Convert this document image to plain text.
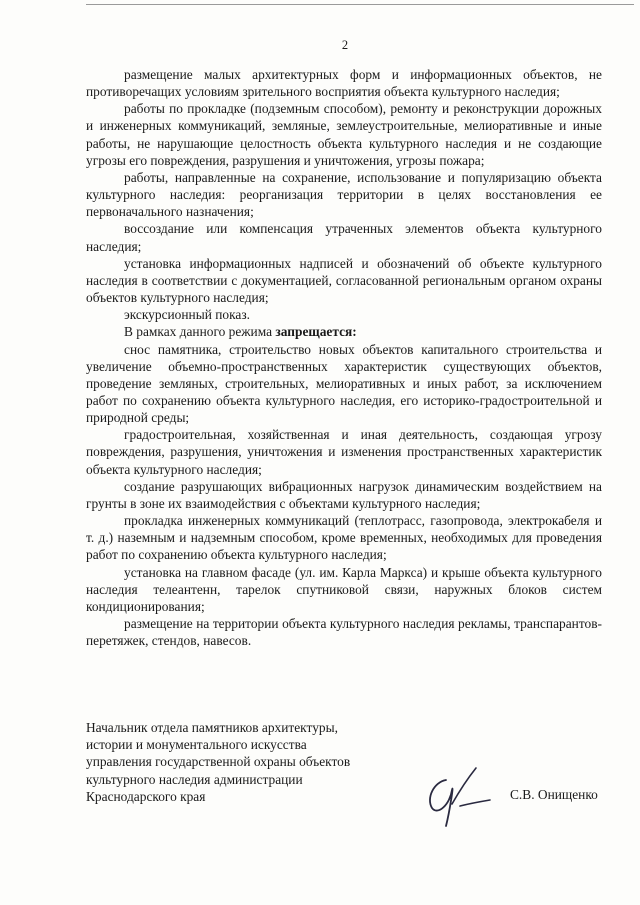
2

размещение малых архитектурных форм и информационных объектов, не противоречащих условиям зрительного восприятия объекта культурного наследия;

работы по прокладке (подземным способом), ремонту и реконструкции дорожных и инженерных коммуникаций, земляные, землеустроительные, мелиоративные и иные работы, не нарушающие целостность объекта культурного наследия и не создающие угрозы его повреждения, разрушения и уничтожения, угрозы пожара;

работы, направленные на сохранение, использование и популяризацию объекта культурного наследия: реорганизация территории в целях восстановления ее первоначального назначения;

воссоздание или компенсация утраченных элементов объекта культурного наследия;

установка информационных надписей и обозначений об объекте культурного наследия в соответствии с документацией, согласованной региональным органом охраны объектов культурного наследия;

экскурсионный показ.

В рамках данного режима запрещается:

снос памятника, строительство новых объектов капитального строительства и увеличение объемно-пространственных характеристик существующих объектов, проведение земляных, строительных, мелиоративных и иных работ, за исключением работ по сохранению объекта культурного наследия, его историко-градостроительной и природной среды;

градостроительная, хозяйственная и иная деятельность, создающая угрозу повреждения, разрушения, уничтожения и изменения пространственных характеристик объекта культурного наследия;

создание разрушающих вибрационных нагрузок динамическим воздействием на грунты в зоне их взаимодействия с объектами культурного наследия;

прокладка инженерных коммуникаций (теплотрасс, газопровода, электрокабеля и т. д.) наземным и надземным способом, кроме временных, необходимых для проведения работ по сохранению объекта культурного наследия;

установка на главном фасаде (ул. им. Карла Маркса) и крыше объекта культурного наследия телеантенн, тарелок спутниковой связи, наружных блоков систем кондиционирования;

размещение на территории объекта культурного наследия рекламы, транспарантов-перетяжек, стендов, навесов.

Начальник отдела памятников архитектуры,
истории и монументального искусства
управления государственной охраны объектов
культурного наследия администрации
Краснодарского края	С.В. Онищенко
